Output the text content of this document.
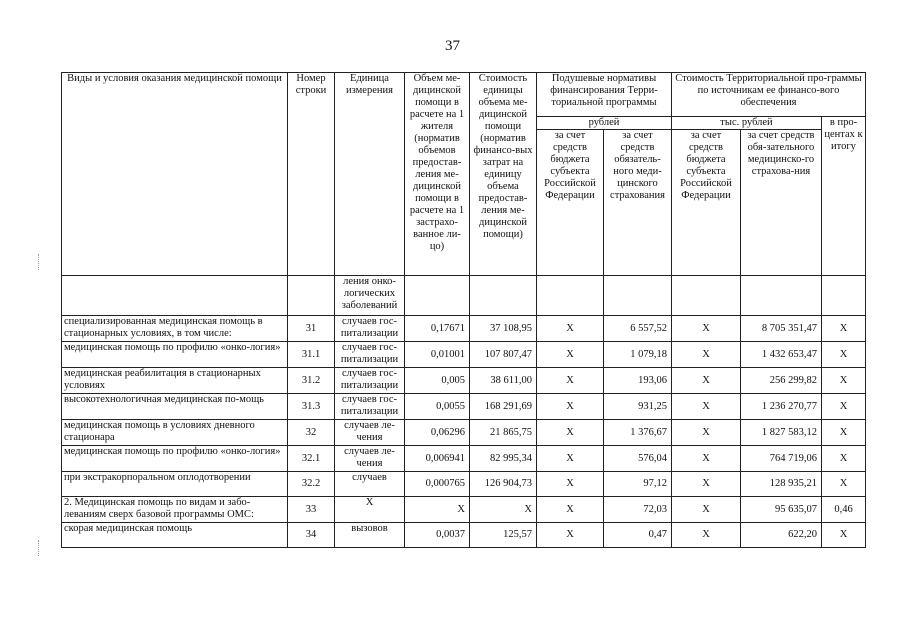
37
Виды и условия оказания медицинской помощи	Номер строки	Единица измерения	Объем ме-дицинской помощи в расчете на 1 жителя (норматив объемов предостав-ления ме-дицинской помощи в расчете на 1 застрахо-ванное ли-цо)	Стоимость единицы объема ме-дицинской помощи (норматив финансо-вых затрат на единицу объема предостав-ления ме-дицинской помощи)	Подушевые нормативы финансирования Терри-ториальной программы		Стоимость Территориальной про-граммы по источникам ее финансо-вого обеспечения		
					рублей		тыс. рублей		в про-центах к итогу
					за счет средств бюджета субъекта Российской Федерации	за счет средств обязатель-ного меди-цинского страхования	за счет средств бюджета субъекта Российской Федерации	за счет средств обя-зательного медицинско-го страхова-ния	
		ления онко-логических заболеваний							
специализированная медицинская помощь в стационарных условиях, в том числе:	31	случаев гос-питализации	0,17671	37 108,95	X	6 557,52	X	8 705 351,47	X
медицинская помощь по профилю «онко-логия»	31.1	случаев гос-питализации	0,01001	107 807,47	X	1 079,18	X	1 432 653,47	X
медицинская реабилитация в стационарных условиях	31.2	случаев гос-питализации	0,005	38 611,00	X	193,06	X	256 299,82	X
высокотехнологичная медицинская по-мощь	31.3	случаев гос-питализации	0,0055	168 291,69	X	931,25	X	1 236 270,77	X
медицинская помощь в условиях дневного стационара	32	случаев ле-чения	0,06296	21 865,75	X	1 376,67	X	1 827 583,12	X
медицинская помощь по профилю «онко-логия»	32.1	случаев ле-чения	0,006941	82 995,34	X	576,04	X	764 719,06	X
при экстракорпоральном оплодотворении	32.2	случаев	0,000765	126 904,73	X	97,12	X	128 935,21	X
2. Медицинская помощь по видам и забо-леваниям сверх базовой программы ОМС:	33	X	X	X	X	72,03	X	95 635,07	0,46
скорая медицинская помощь	34	вызовов	0,0037	125,57	X	0,47	X	622,20	X
